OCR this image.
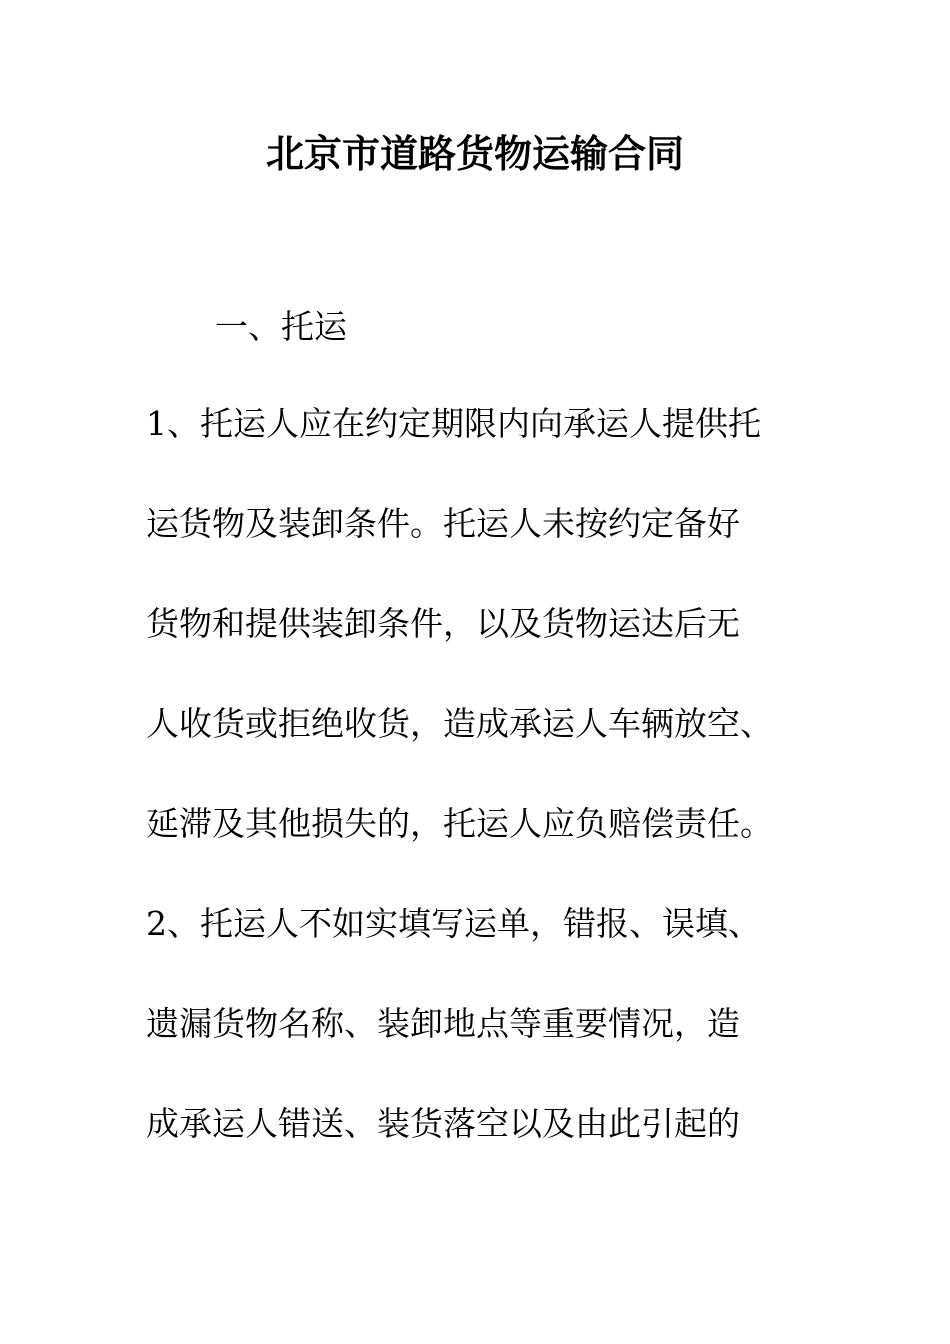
北京市道路货物运输合同

一、托运

1、托运人应在约定期限内向承运人提供托

运货物及装卸条件。托运人未按约定备好

货物和提供装卸条件，以及货物运达后无

人收货或拒绝收货，造成承运人车辆放空、

延滞及其他损失的，托运人应负赔偿责任。

2、托运人不如实填写运单，错报、误填、

遗漏货物名称、装卸地点等重要情况，造

成承运人错送、装货落空以及由此引起的
